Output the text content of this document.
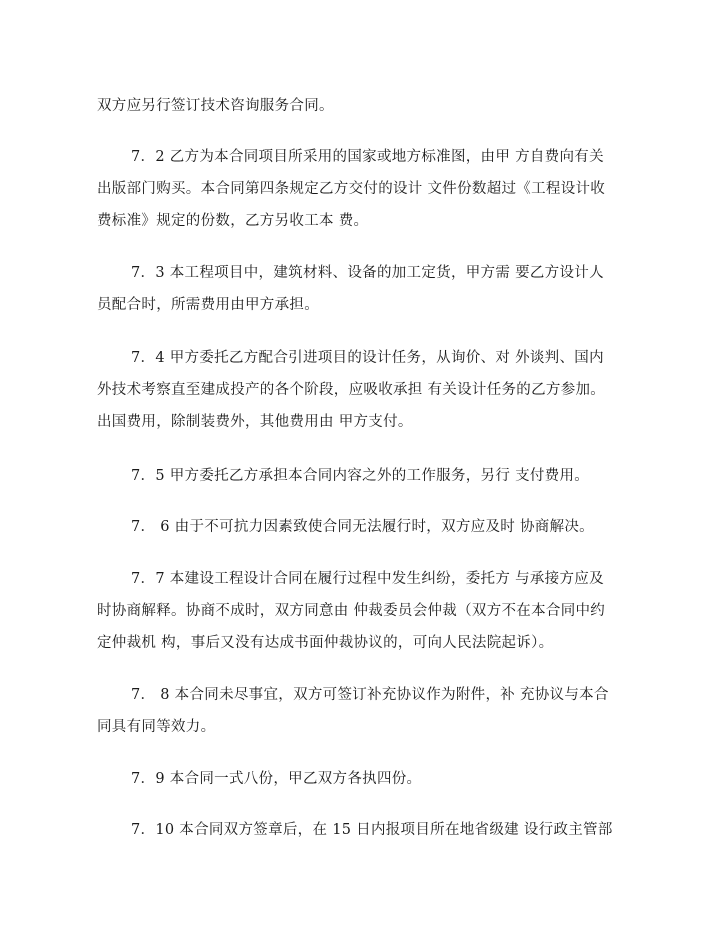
双方应另行签订技术咨询服务合同。
7．2 乙方为本合同项目所采用的国家或地方标准图，由甲 方自费向有关
出版部门购买。本合同第四条规定乙方交付的设计 文件份数超过《工程设计收
费标准》规定的份数，乙方另收工本 费。
7．3 本工程项目中，建筑材料、设备的加工定货，甲方需 要乙方设计人
员配合时，所需费用由甲方承担。
7．4 甲方委托乙方配合引进项目的设计任务，从询价、对 外谈判、国内
外技术考察直至建成投产的各个阶段，应吸收承担 有关设计任务的乙方参加。
出国费用，除制装费外，其他费用由 甲方支付。
7．5 甲方委托乙方承担本合同内容之外的工作服务，另行 支付费用。
7． 6 由于不可抗力因素致使合同无法履行时，双方应及时 协商解决。
7．7 本建设工程设计合同在履行过程中发生纠纷，委托方 与承接方应及
时协商解释。协商不成时，双方同意由 仲裁委员会仲裁（双方不在本合同中约
定仲裁机 构，事后又没有达成书面仲裁协议的，可向人民法院起诉）。
7． 8 本合同未尽事宜，双方可签订补充协议作为附件，补 充协议与本合
同具有同等效力。
7．9 本合同一式八份，甲乙双方各执四份。
7．10 本合同双方签章后，在 15 日内报项目所在地省级建 设行政主管部
